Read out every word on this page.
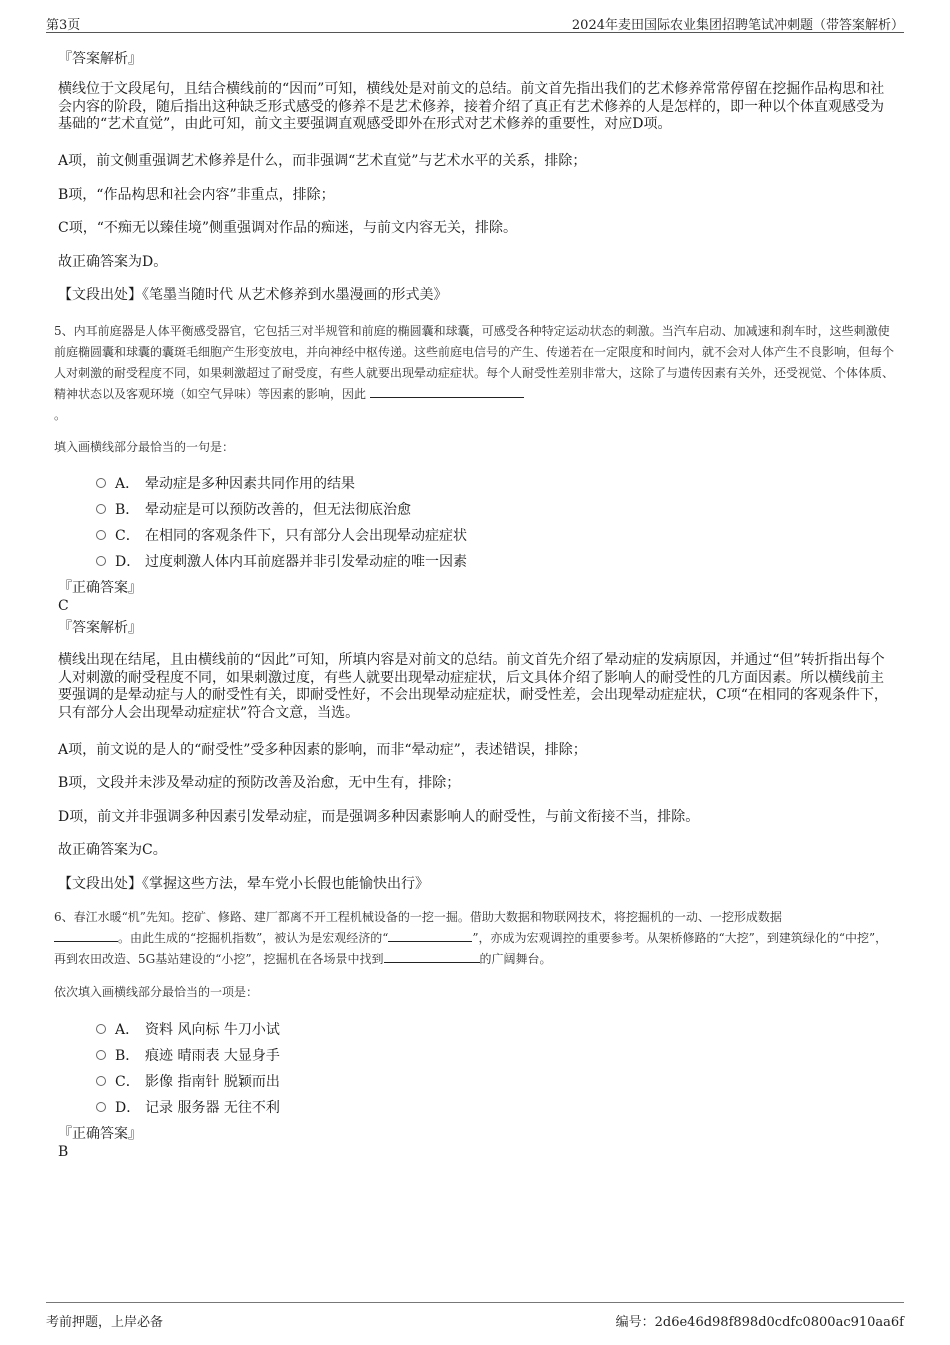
第3页	2024年麦田国际农业集团招聘笔试冲刺题（带答案解析）
『答案解析』
横线位于文段尾句，且结合横线前的“因而”可知，横线处是对前文的总结。前文首先指出我们的艺术修养常常停留在挖掘作品构思和社会内容的阶段，随后指出这种缺乏形式感受的修养不是艺术修养，接着介绍了真正有艺术修养的人是怎样的，即一种以个体直观感受为基础的“艺术直觉”，由此可知，前文主要强调直观感受即外在形式对艺术修养的重要性，对应D项。
A项，前文侧重强调艺术修养是什么，而非强调“艺术直觉”与艺术水平的关系，排除；
B项，“作品构思和社会内容”非重点，排除；
C项，“不痴无以臻佳境”侧重强调对作品的痴迷，与前文内容无关，排除。
故正确答案为D。
【文段出处】《笔墨当随时代 从艺术修养到水墨漫画的形式美》
5、内耳前庭器是人体平衡感受器官，它包括三对半规管和前庭的椭圆囊和球囊，可感受各种特定运动状态的刺激。当汽车启动、加减速和刹车时，这些刺激使前庭椭圆囊和球囊的囊斑毛细胞产生形变放电，并向神经中枢传递。这些前庭电信号的产生、传递若在一定限度和时间内，就不会对人体产生不良影响，但每个人对刺激的耐受程度不同，如果刺激超过了耐受度，有些人就要出现晕动症症状。每个人耐受性差别非常大，这除了与遗传因素有关外，还受视觉、个体体质、精神状态以及客观环境（如空气异味）等因素的影响，因此
。
填入画横线部分最恰当的一句是：
A． 晕动症是多种因素共同作用的结果
B． 晕动症是可以预防改善的，但无法彻底治愈
C． 在相同的客观条件下，只有部分人会出现晕动症症状
D． 过度刺激人体内耳前庭器并非引发晕动症的唯一因素
『正确答案』
C
『答案解析』
横线出现在结尾，且由横线前的“因此”可知，所填内容是对前文的总结。前文首先介绍了晕动症的发病原因，并通过“但”转折指出每个人对刺激的耐受程度不同，如果刺激过度，有些人就要出现晕动症症状，后文具体介绍了影响人的耐受性的几方面因素。所以横线前主要强调的是晕动症与人的耐受性有关，即耐受性好，不会出现晕动症症状，耐受性差，会出现晕动症症状，C项“在相同的客观条件下，只有部分人会出现晕动症症状”符合文意，当选。
A项，前文说的是人的“耐受性”受多种因素的影响，而非“晕动症”，表述错误，排除；
B项，文段并未涉及晕动症的预防改善及治愈，无中生有，排除；
D项，前文并非强调多种因素引发晕动症，而是强调多种因素影响人的耐受性，与前文衔接不当，排除。
故正确答案为C。
【文段出处】《掌握这些方法，晕车党小长假也能愉快出行》
6、春江水暖“机”先知。挖矿、修路、建厂都离不开工程机械设备的一挖一掘。借助大数据和物联网技术，将挖掘机的一动、一挖形成数据
。由此生成的“挖掘机指数”，被认为是宏观经济的“	”，亦成为宏观调控的重要参考。从架桥修路的“大挖”，到建筑绿化的“中挖”，再到农田改造、5G基站建设的“小挖”，挖掘机在各场景中找到	的广阔舞台。
依次填入画横线部分最恰当的一项是：
A． 资料 风向标 牛刀小试
B． 痕迹 晴雨表 大显身手
C． 影像 指南针 脱颖而出
D． 记录 服务器 无往不利
『正确答案』
B
考前押题，上岸必备	编号：2d6e46d98f898d0cdfc0800ac910aa6f
